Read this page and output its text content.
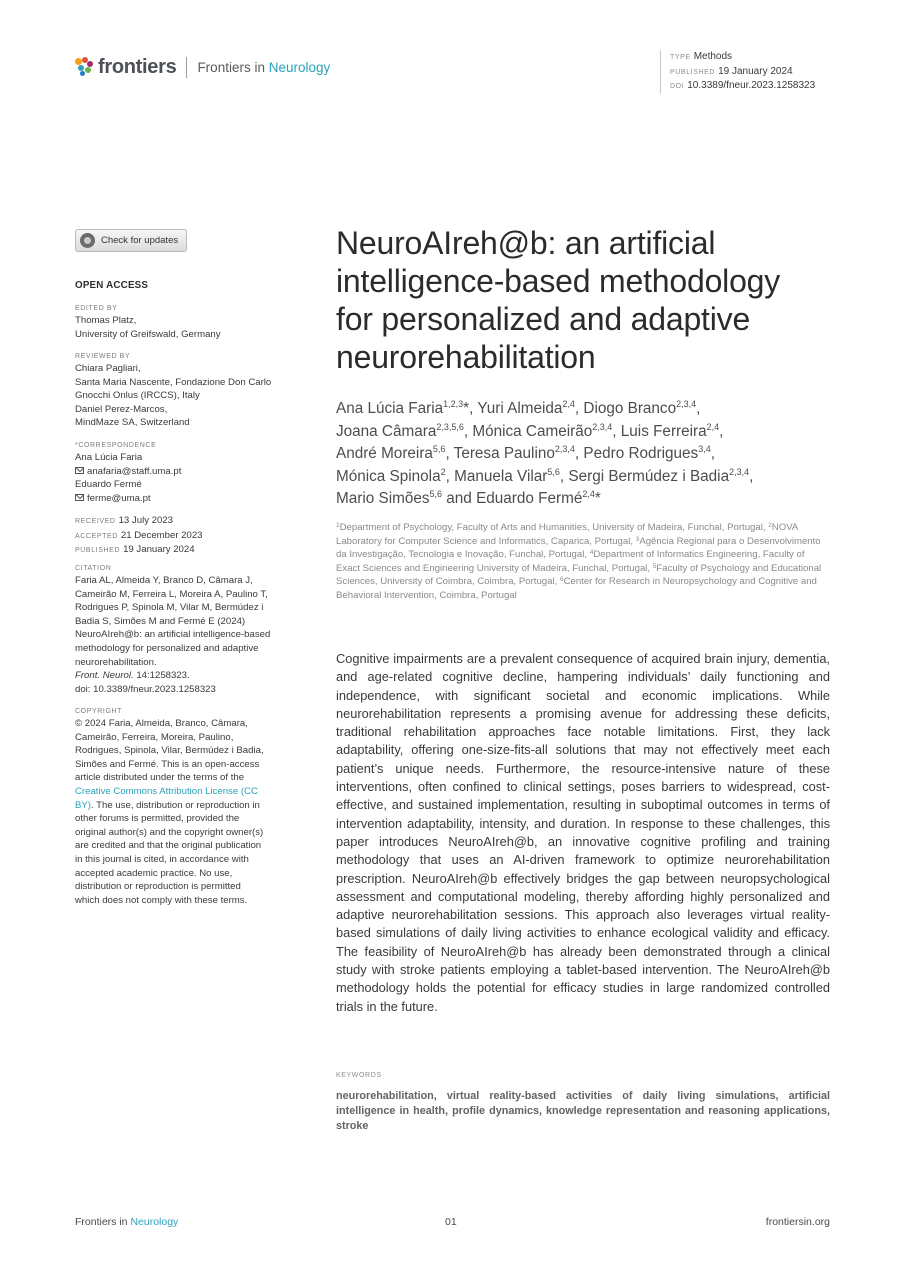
frontiers Frontiers in Neurology
TYPE Methods
PUBLISHED 19 January 2024
DOI 10.3389/fneur.2023.1258323
Check for updates
OPEN ACCESS
EDITED BY
Thomas Platz,
University of Greifswald, Germany
REVIEWED BY
Chiara Pagliari,
Santa Maria Nascente, Fondazione Don Carlo
Gnocchi Onlus (IRCCS), Italy
Daniel Perez-Marcos,
MindMaze SA, Switzerland
*CORRESPONDENCE
Ana Lúcia Faria
anafaria@staff.uma.pt
Eduardo Fermé
ferme@uma.pt
RECEIVED 13 July 2023
ACCEPTED 21 December 2023
PUBLISHED 19 January 2024
CITATION
Faria AL, Almeida Y, Branco D, Câmara J,
Cameirão M, Ferreira L, Moreira A, Paulino T,
Rodrigues P, Spinola M, Vilar M, Bermúdez i
Badia S, Simões M and Fermé E (2024)
NeuroAIreh@b: an artificial intelligence-based
methodology for personalized and adaptive
neurorehabilitation.
Front. Neurol. 14:1258323.
doi: 10.3389/fneur.2023.1258323
COPYRIGHT
© 2024 Faria, Almeida, Branco, Câmara,
Cameirão, Ferreira, Moreira, Paulino,
Rodrigues, Spinola, Vilar, Bermúdez i Badia,
Simões and Fermé. This is an open-access
article distributed under the terms of the
Creative Commons Attribution License (CC
BY). The use, distribution or reproduction in
other forums is permitted, provided the
original author(s) and the copyright owner(s)
are credited and that the original publication
in this journal is cited, in accordance with
accepted academic practice. No use,
distribution or reproduction is permitted
which does not comply with these terms.
NeuroAIreh@b: an artificial
intelligence-based methodology
for personalized and adaptive
neurorehabilitation
Ana Lúcia Faria$^{1,2,3}$*, Yuri Almeida$^{2,4}$, Diogo Branco$^{2,3,4}$,
Joana Câmara$^{2,3,5,6}$, Mónica Cameirão$^{2,3,4}$, Luis Ferreira$^{2,4}$,
André Moreira$^{5,6}$, Teresa Paulino$^{2,3,4}$, Pedro Rodrigues$^{3,4}$,
Mónica Spinola$^2$, Manuela Vilar$^{5,6}$, Sergi Bermúdez i Badia$^{2,3,4}$,
Mario Simões$^{5,6}$ and Eduardo Fermé$^{2,4}$*
$^1$Department of Psychology, Faculty of Arts and Humanities, University of Madeira, Funchal, Portugal, $^2$NOVA Laboratory for Computer Science and Informatics, Caparica, Portugal, $^3$Agência Regional para o Desenvolvimento da Investigação, Tecnologia e Inovação, Funchal, Portugal, $^4$Department of Informatics Engineering, Faculty of Exact Sciences and Engineering University of Madeira, Funchal, Portugal, $^5$Faculty of Psychology and Educational Sciences, University of Coimbra, Coimbra, Portugal, $^6$Center for Research in Neuropsychology and Cognitive and Behavioral Intervention, Coimbra, Portugal

Cognitive impairments are a prevalent consequence of acquired brain injury, dementia, and age-related cognitive decline, hampering individuals’ daily functioning and independence, with significant societal and economic implications. While neurorehabilitation represents a promising avenue for addressing these deficits, traditional rehabilitation approaches face notable limitations. First, they lack adaptability, offering one-size-fits-all solutions that may not effectively meet each patient’s unique needs. Furthermore, the resource-intensive nature of these interventions, often confined to clinical settings, poses barriers to widespread, cost-effective, and sustained implementation, resulting in suboptimal outcomes in terms of intervention adaptability, intensity, and duration. In response to these challenges, this paper introduces NeuroAIreh@b, an innovative cognitive profiling and training methodology that uses an AI-driven framework to optimize neurorehabilitation prescription. NeuroAIreh@b effectively bridges the gap between neuropsychological assessment and computational modeling, thereby affording highly personalized and adaptive neurorehabilitation sessions. This approach also leverages virtual reality-based simulations of daily living activities to enhance ecological validity and efficacy. The feasibility of NeuroAIreh@b has already been demonstrated through a clinical study with stroke patients employing a tablet-based intervention. The NeuroAIreh@b methodology holds the potential for efficacy studies in large randomized controlled trials in the future.

KEYWORDS

neurorehabilitation, virtual reality-based activities of daily living simulations, artificial intelligence in health, profile dynamics, knowledge representation and reasoning applications, stroke

Frontiers in Neurology	01	frontiersin.org
